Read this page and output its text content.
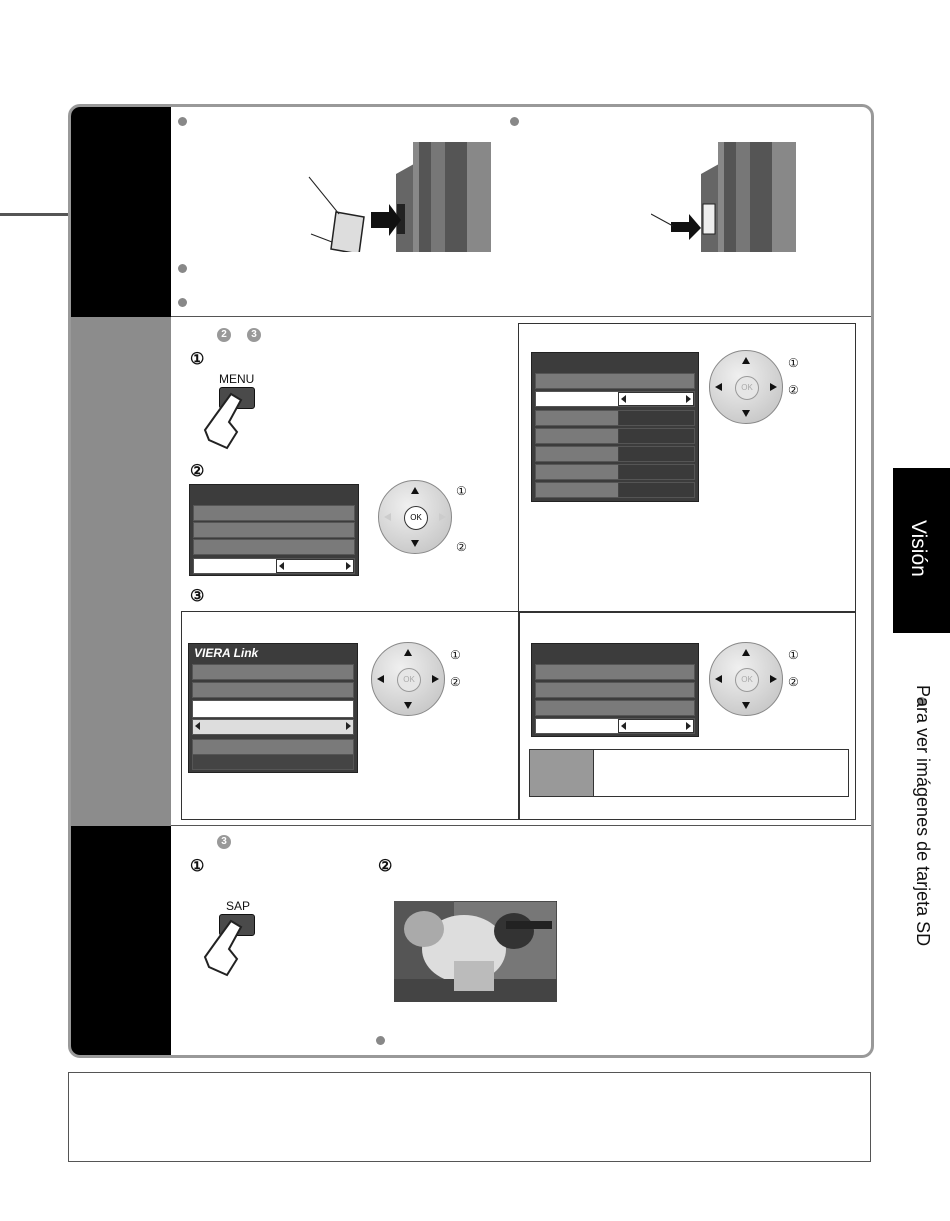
2	3
①
MENU
②
OK
①
②
③
OK
①
②
VIERA Link
OK
①
②	OK
①
②
3
①	②
SAP
Visión
Para ver imágenes de tarjeta SD
